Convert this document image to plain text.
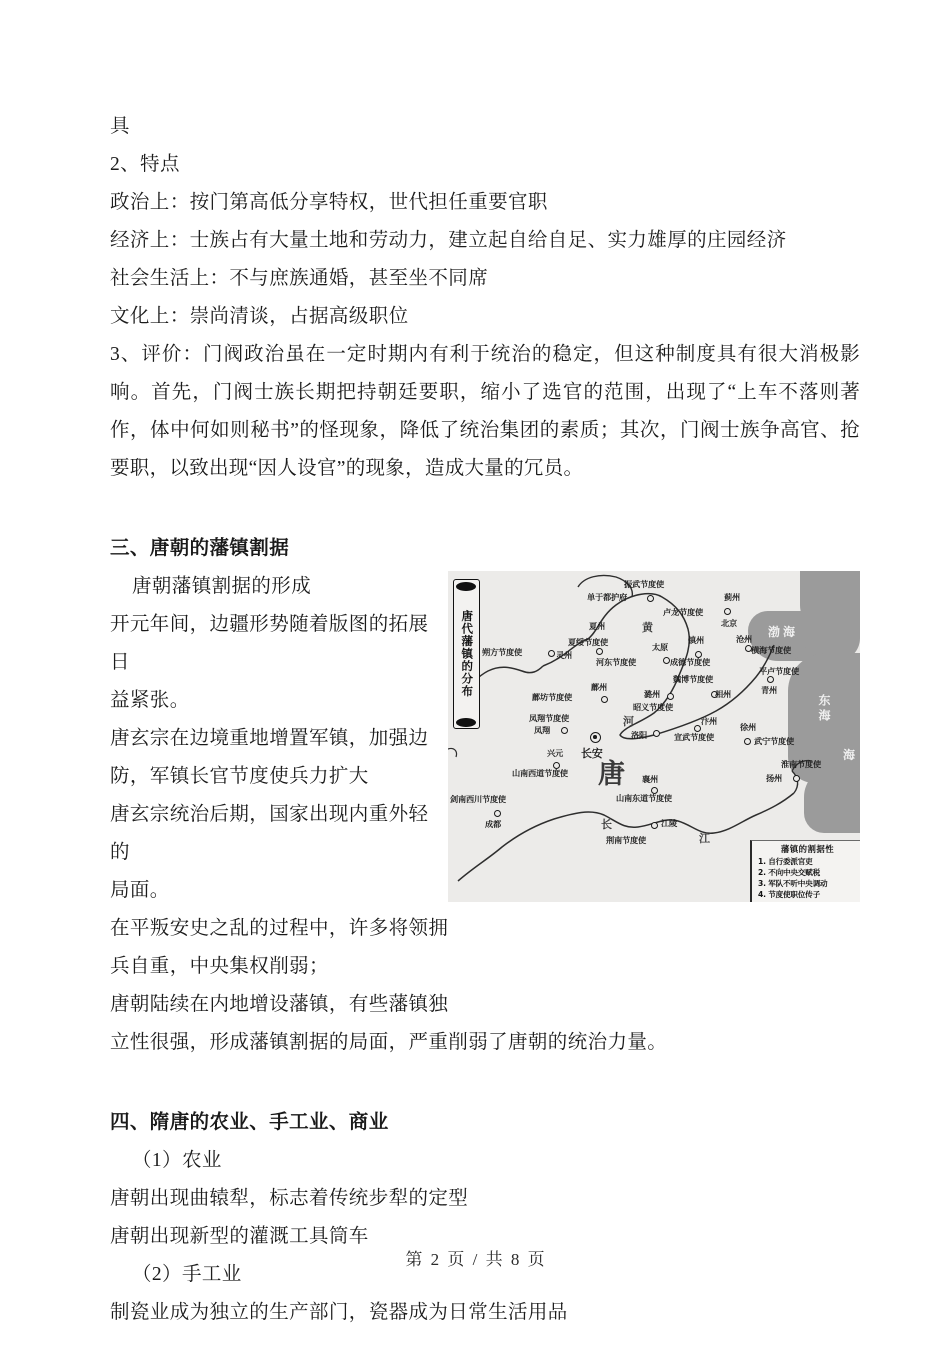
具
2、特点
政治上：按门第高低分享特权，世代担任重要官职
经济上：士族占有大量土地和劳动力，建立起自给自足、实力雄厚的庄园经济
社会生活上：不与庶族通婚，甚至坐不同席
文化上：崇尚清谈，占据高级职位
3、评价：门阀政治虽在一定时期内有利于统治的稳定，但这种制度具有很大消极影响。首先，门阀士族长期把持朝廷要职，缩小了选官的范围，出现了“上车不落则著作，体中何如则秘书”的怪现象，降低了统治集团的素质；其次，门阀士族争高官、抢要职，以致出现“因人设官”的现象，造成大量的冗员。
三、唐朝的藩镇割据
唐代藩镇的分布
唐
渤海
东海
海
黄
河
长
江
振武节度使
单于都护府
卢龙节度使
蓟州
北京
夏州
夏绥节度使
朔方节度使	灵州
河东节度使
太原
镇州
成德节度使
沧州
横海节度使
平卢节度使
魏博节度使
青州
鄜州
鄜坊节度使	潞州
昭义节度使
相州
凤翔节度使
凤翔	洛阳
汴州
宣武节度使
徐州
武宁节度使
兴元 长安
山南西道节度使
襄州
山南东道节度使
剑南西川节度使
成都	江陵
荆南节度使
淮南节度使
扬州
藩镇的割据性
1. 自行委派官吏
2. 不向中央交赋税
3. 军队不听中央调动
4. 节度使职位传子
唐朝藩镇割据的形成
开元年间，边疆形势随着版图的拓展日
益紧张。
唐玄宗在边境重地增置军镇，加强边
防，军镇长官节度使兵力扩大
唐玄宗统治后期，国家出现内重外轻的
局面。
在平叛安史之乱的过程中，许多将领拥
兵自重，中央集权削弱；
唐朝陆续在内地增设藩镇，有些藩镇独
立性很强，形成藩镇割据的局面，严重削弱了唐朝的统治力量。
四、隋唐的农业、手工业、商业
（1）农业
唐朝出现曲辕犁，标志着传统步犁的定型
唐朝出现新型的灌溉工具筒车
（2）手工业
制瓷业成为独立的生产部门，瓷器成为日常生活用品
第 2 页 / 共 8 页
